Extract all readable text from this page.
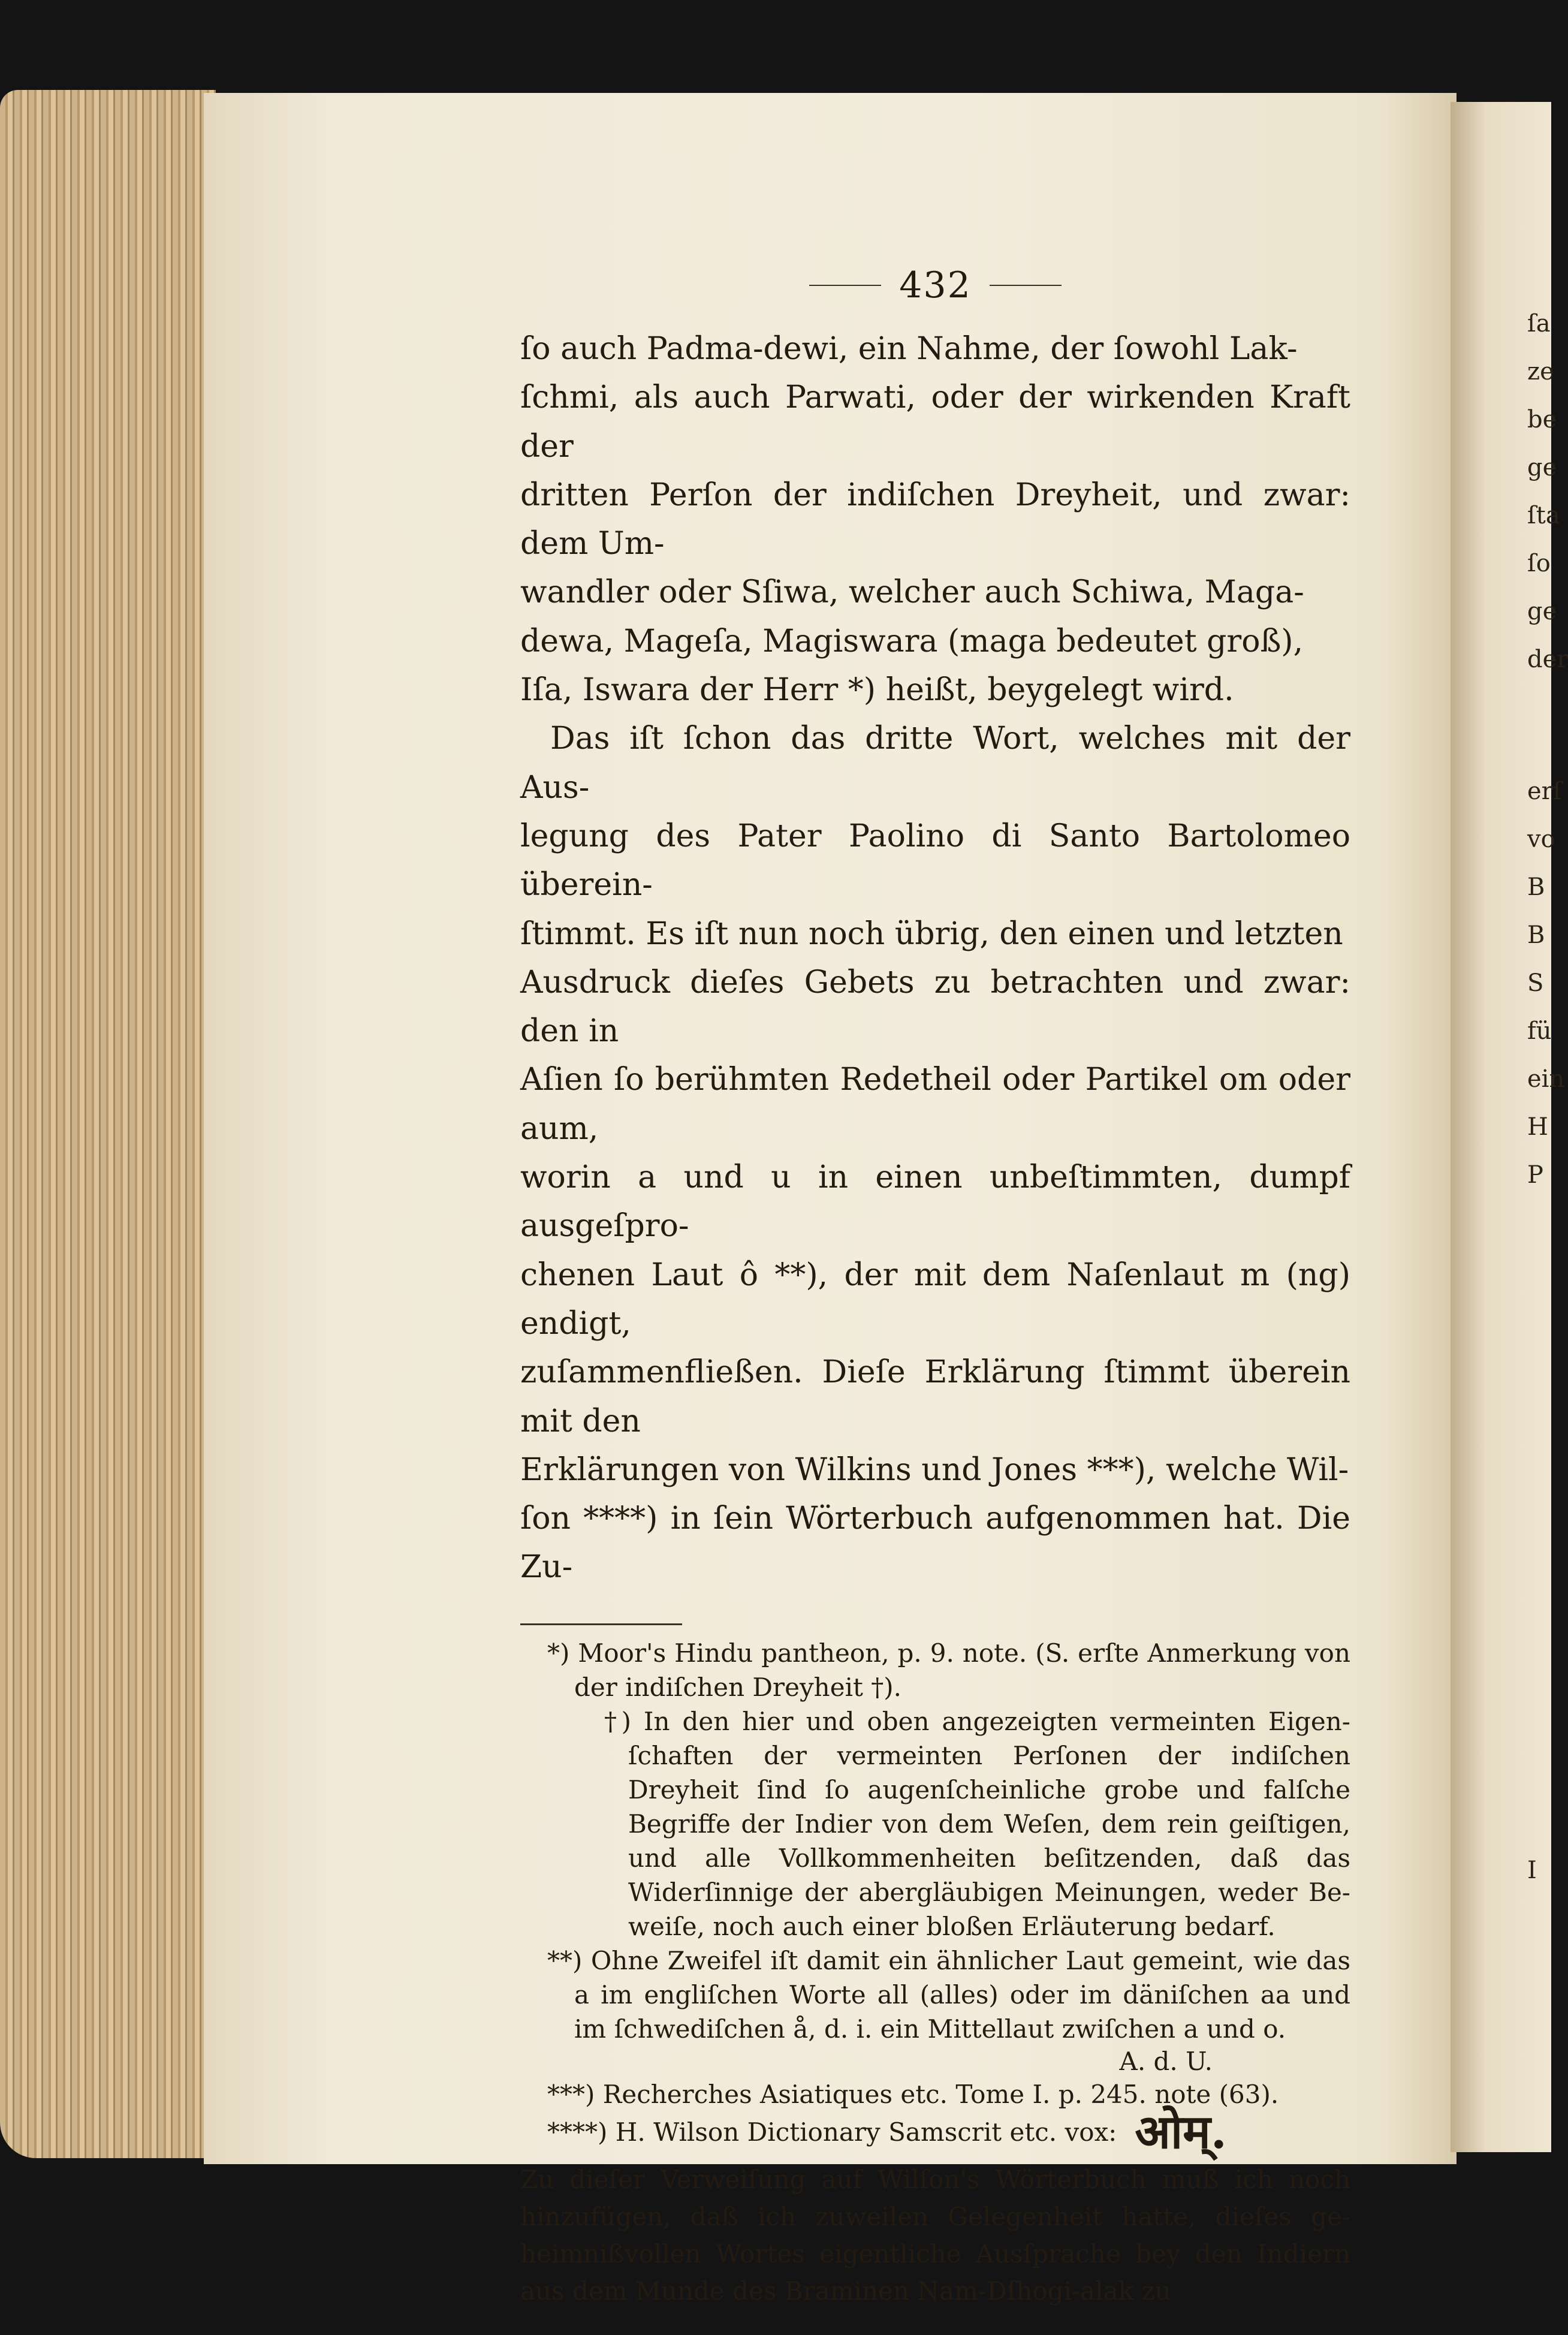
ſa
ze
be
ge
ſta
ſo
ge
der
erſ
vo
B
B
S
fü
ein
H
P
I
432
ſo auch Padma-dewi, ein Nahme, der ſowohl Lak-
ſchmi, als auch Parwati, oder der wirkenden Kraft der
dritten Perſon der indiſchen Dreyheit, und zwar: dem Um-
wandler oder Sſiwa, welcher auch Schiwa, Maga-
dewa, Mageſa, Magiswara (maga bedeutet groß),
Iſa, Iswara der Herr *) heißt, beygelegt wird.
Das iſt ſchon das dritte Wort, welches mit der Aus-
legung des Pater Paolino di Santo Bartolomeo überein-
ſtimmt. Es iſt nun noch übrig, den einen und letzten
Ausdruck dieſes Gebets zu betrachten und zwar: den in
Aſien ſo berühmten Redetheil oder Partikel om oder aum,
worin a und u in einen unbeſtimmten, dumpf ausgeſpro-
chenen Laut ô **), der mit dem Naſenlaut m (ng) endigt,
zuſammenfließen. Dieſe Erklärung ſtimmt überein mit den
Erklärungen von Wilkins und Jones ***), welche Wil-
ſon ****) in ſein Wörterbuch aufgenommen hat. Die Zu-

*) Moor's Hindu pantheon, p. 9. note. (S. erſte Anmerkung von der indiſchen Dreyheit †).

†) In den hier und oben angezeigten vermeinten Eigen-ſchaften der vermeinten Perſonen der indiſchen Dreyheit ſind ſo augenſcheinliche grobe und falſche Begriffe der Indier von dem Weſen, dem rein geiſtigen, und alle Vollkommenheiten beſitzenden, daß das Widerſinnige der abergläubigen Meinungen, weder Be-weiſe, noch auch einer bloßen Erläuterung bedarf.

**) Ohne Zweifel iſt damit ein ähnlicher Laut gemeint, wie das a im engliſchen Worte all (alles) oder im däniſchen aa und im ſchwediſchen å, d. i. ein Mittellaut zwiſchen a und o.

A. d. U.

***) Recherches Asiatiques etc. Tome I. p. 245. note (63).

****) H. Wilson Dictionary Samscrit etc. vox: ओम्.

Zu dieſer Verweiſung auf Wilſon's Wörterbuch muß ich noch hinzufügen, daß ich zuweilen Gelegenheit hatte, dieſes ge-heimnißvollen Wortes eigentliche Ausſprache bey den Indiern aus dem Munde des Braminen Nam-Dſhogi-alak zu
